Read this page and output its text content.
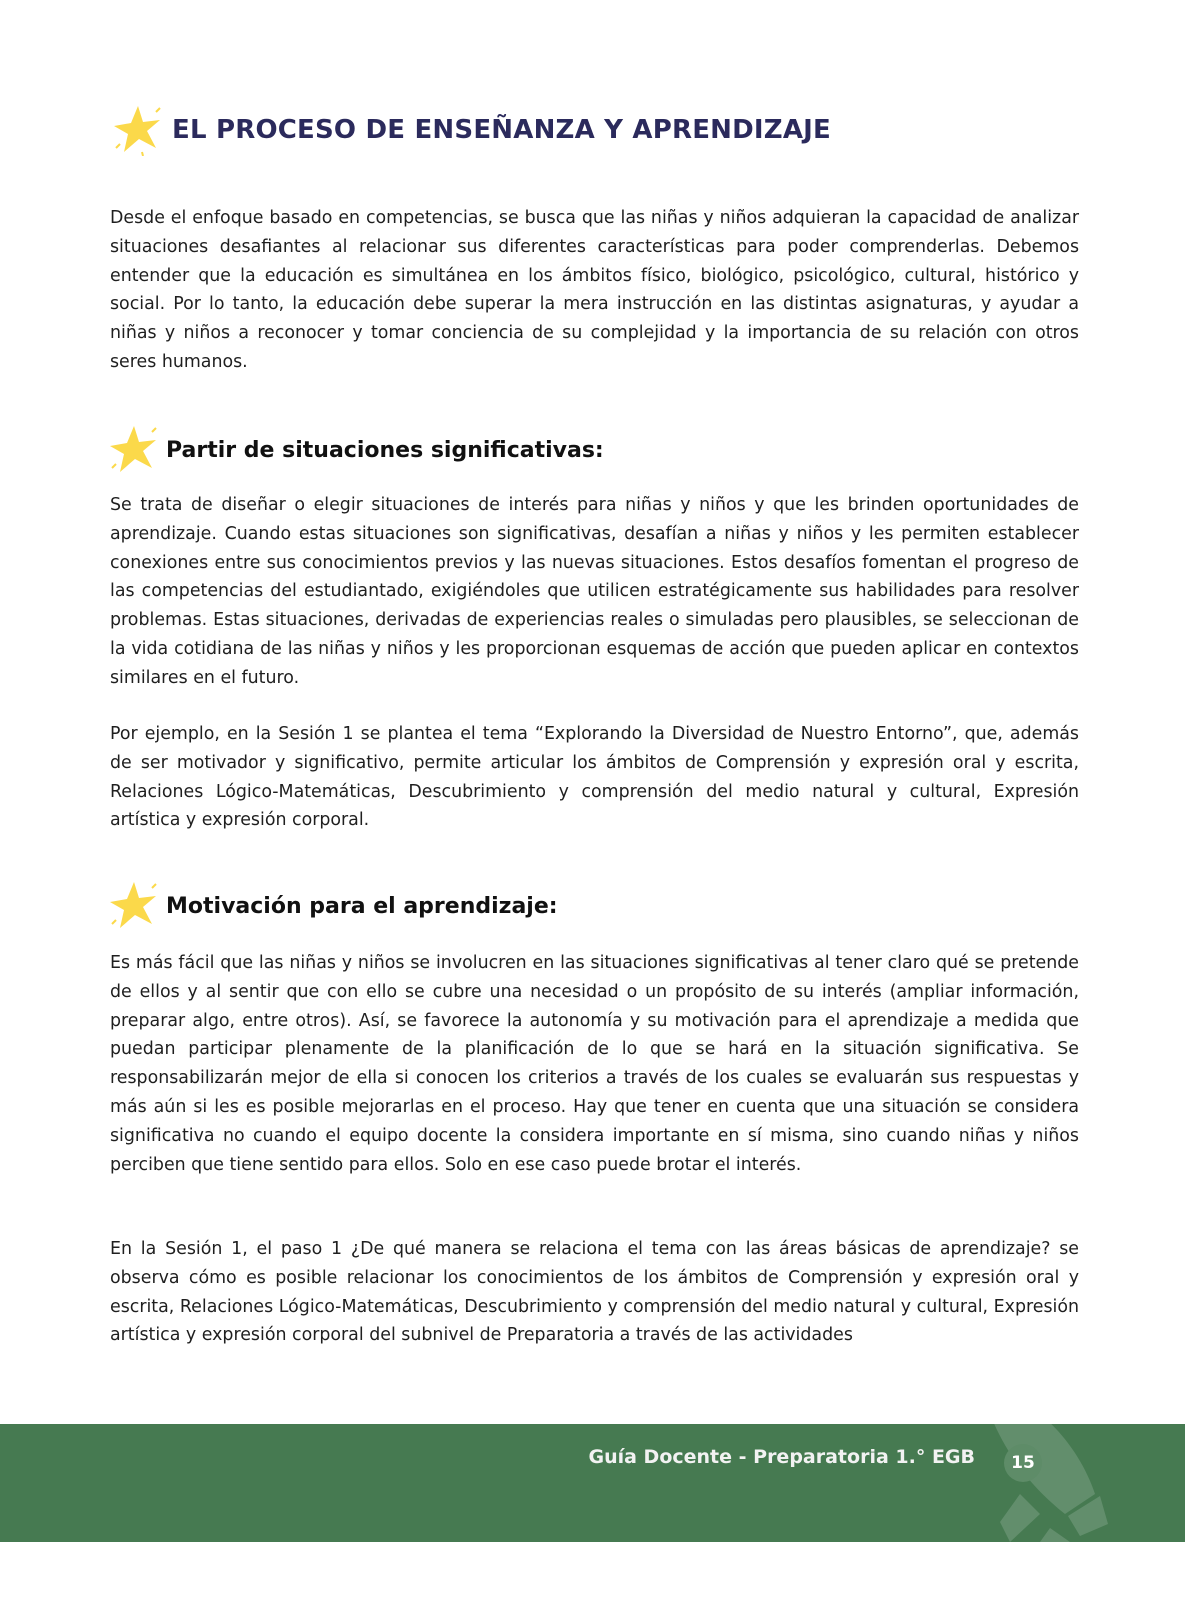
EL PROCESO DE ENSEÑANZA Y APRENDIZAJE

Desde el enfoque basado en competencias, se busca que las niñas y niños adquieran la capacidad de analizar situaciones desafiantes al relacionar sus diferentes características para poder comprenderlas. Debemos entender que la educación es simultánea en los ámbitos físico, biológico, psicológico, cultural, histórico y social. Por lo tanto, la educación debe superar la mera instrucción en las distintas asignaturas, y ayudar a niñas y niños a reconocer y tomar conciencia de su complejidad y la importancia de su relación con otros seres humanos.

Partir de situaciones significativas:

Se trata de diseñar o elegir situaciones de interés para niñas y niños y que les brinden oportunidades de aprendizaje. Cuando estas situaciones son significativas, desafían a niñas y niños y les permiten establecer conexiones entre sus conocimientos previos y las nuevas situaciones. Estos desafíos fomentan el progreso de las competencias del estudiantado, exigiéndoles que utilicen estratégicamente sus habilidades para resolver problemas. Estas situaciones, derivadas de experiencias reales o simuladas pero plausibles, se seleccionan de la vida cotidiana de las niñas y niños y les proporcionan esquemas de acción que pueden aplicar en contextos similares en el futuro.

Por ejemplo, en la Sesión 1 se plantea el tema “Explorando la Diversidad de Nuestro Entorno”, que, además de ser motivador y significativo, permite articular los ámbitos de Comprensión y expresión oral y escrita, Relaciones Lógico-Matemáticas, Descubrimiento y comprensión del medio natural y cultural, Expresión artística y expresión corporal.

Motivación para el aprendizaje:

Es más fácil que las niñas y niños se involucren en las situaciones significativas al tener claro qué se pretende de ellos y al sentir que con ello se cubre una necesidad o un propósito de su interés (ampliar información, preparar algo, entre otros). Así, se favorece la autonomía y su motivación para el aprendizaje a medida que puedan participar plenamente de la planificación de lo que se hará en la situación significativa. Se responsabilizarán mejor de ella si conocen los criterios a través de los cuales se evaluarán sus respuestas y más aún si les es posible mejorarlas en el proceso. Hay que tener en cuenta que una situación se considera significativa no cuando el equipo docente la considera importante en sí misma, sino cuando niñas y niños perciben que tiene sentido para ellos. Solo en ese caso puede brotar el interés.

En la Sesión 1, el paso 1 ¿De qué manera se relaciona el tema con las áreas básicas de aprendizaje? se observa cómo es posible relacionar los conocimientos de los ámbitos de Comprensión y expresión oral y escrita, Relaciones Lógico-Matemáticas, Descubrimiento y comprensión del medio natural y cultural, Expresión artística y expresión corporal del subnivel de Preparatoria a través de las actividades

Guía Docente - Preparatoria 1.° EGB	15
